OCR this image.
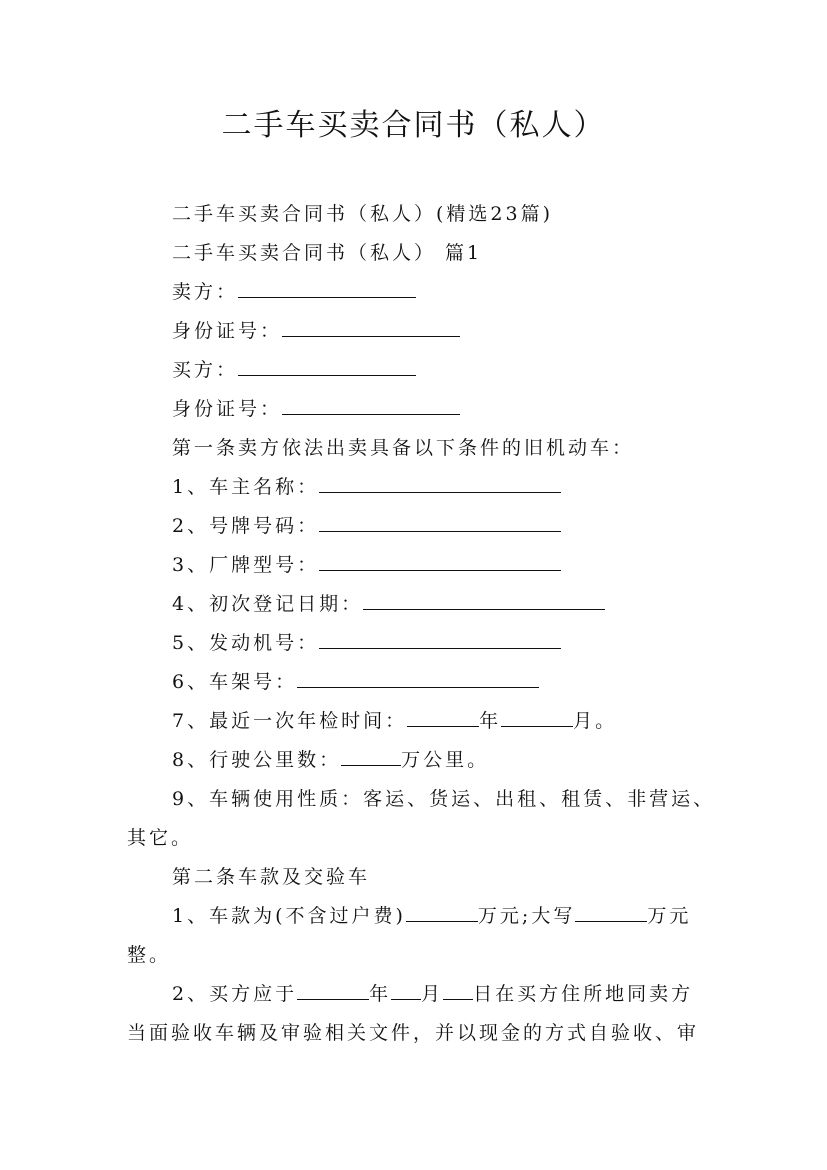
二手车买卖合同书（私人）
二手车买卖合同书（私人）(精选23篇)
二手车买卖合同书（私人） 篇1
卖方：
身份证号：
买方：
身份证号：
第一条卖方依法出卖具备以下条件的旧机动车：
1、车主名称：
2、号牌号码：
3、厂牌型号：
4、初次登记日期：
5、发动机号：
6、车架号：
7、最近一次年检时间：	年	月。
8、行驶公里数：	万公里。
9、车辆使用性质：客运、货运、出租、租赁、非营运、
其它。
第二条车款及交验车
1、车款为(不含过户费)	万元;大写	万元
整。
2、买方应于	年 月 日在买方住所地同卖方
当面验收车辆及审验相关文件，并以现金的方式自验收、审
